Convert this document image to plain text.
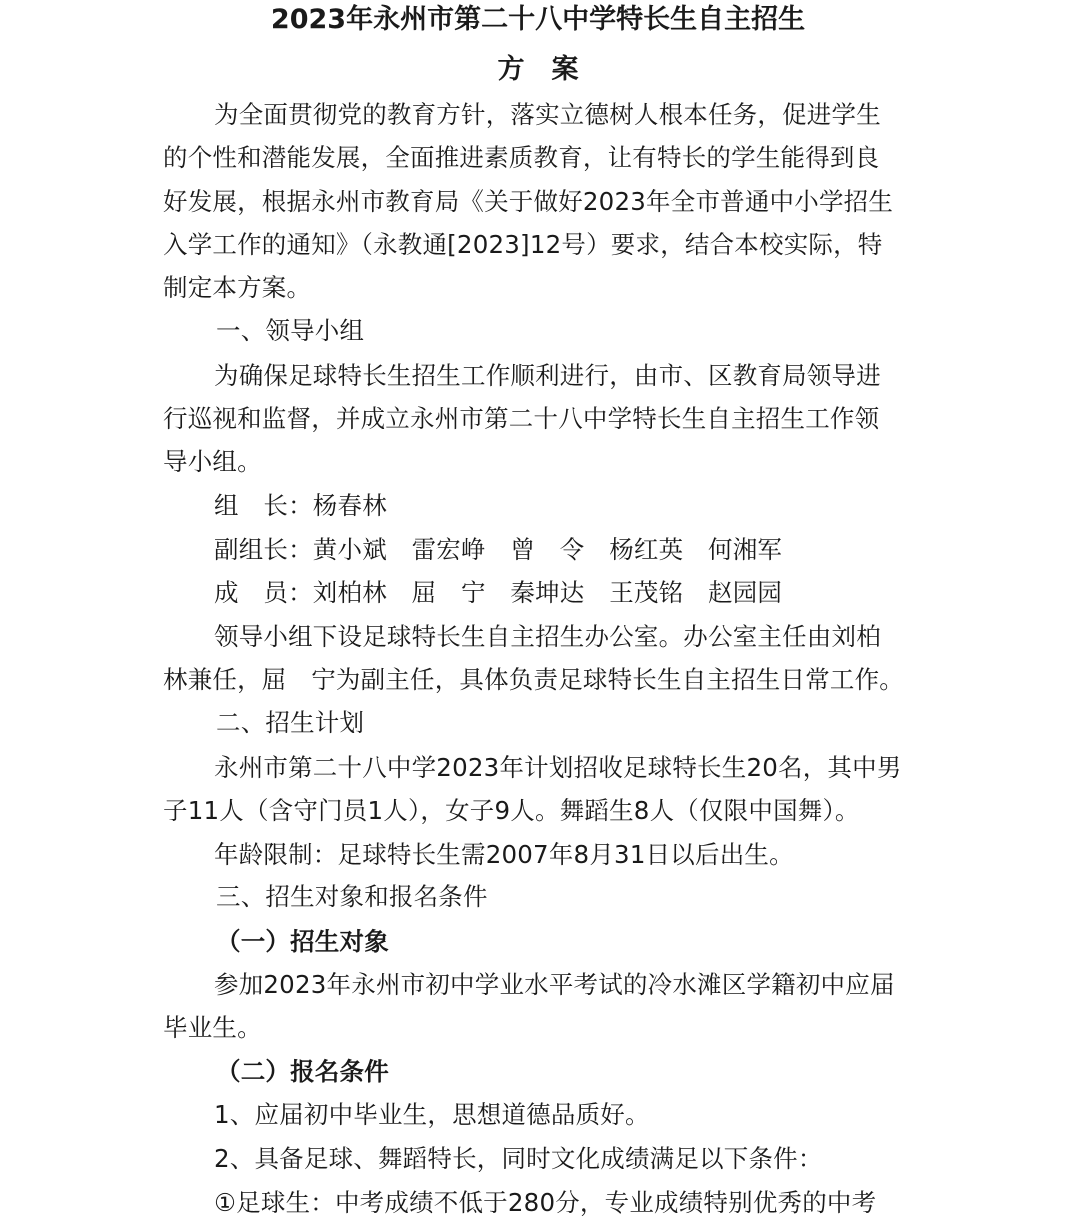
2023年永州市第二十八中学特长生自主招生
方　案
为全面贯彻党的教育方针，落实立德树人根本任务，促进学生
的个性和潜能发展，全面推进素质教育，让有特长的学生能得到良
好发展，根据永州市教育局《关于做好2023年全市普通中小学招生
入学工作的通知》（永教通[2023]12号）要求，结合本校实际，特
制定本方案。
一、领导小组
为确保足球特长生招生工作顺利进行，由市、区教育局领导进
行巡视和监督，并成立永州市第二十八中学特长生自主招生工作领
导小组。
组　长：杨春林
副组长：黄小斌　雷宏峥　曾　令　杨红英　何湘军
成　员：刘柏林　屈　宁　秦坤达　王茂铭　赵园园
领导小组下设足球特长生自主招生办公室。办公室主任由刘柏
林兼任，屈　宁为副主任，具体负责足球特长生自主招生日常工作。
二、招生计划
永州市第二十八中学2023年计划招收足球特长生20名，其中男
子11人（含守门员1人），女子9人。舞蹈生8人（仅限中国舞）。
年龄限制：足球特长生需2007年8月31日以后出生。
三、招生对象和报名条件
（一）招生对象
参加2023年永州市初中学业水平考试的冷水滩区学籍初中应届
毕业生。
（二）报名条件
1、应届初中毕业生，思想道德品质好。
2、具备足球、舞蹈特长，同时文化成绩满足以下条件：
①足球生：中考成绩不低于280分，专业成绩特别优秀的中考
